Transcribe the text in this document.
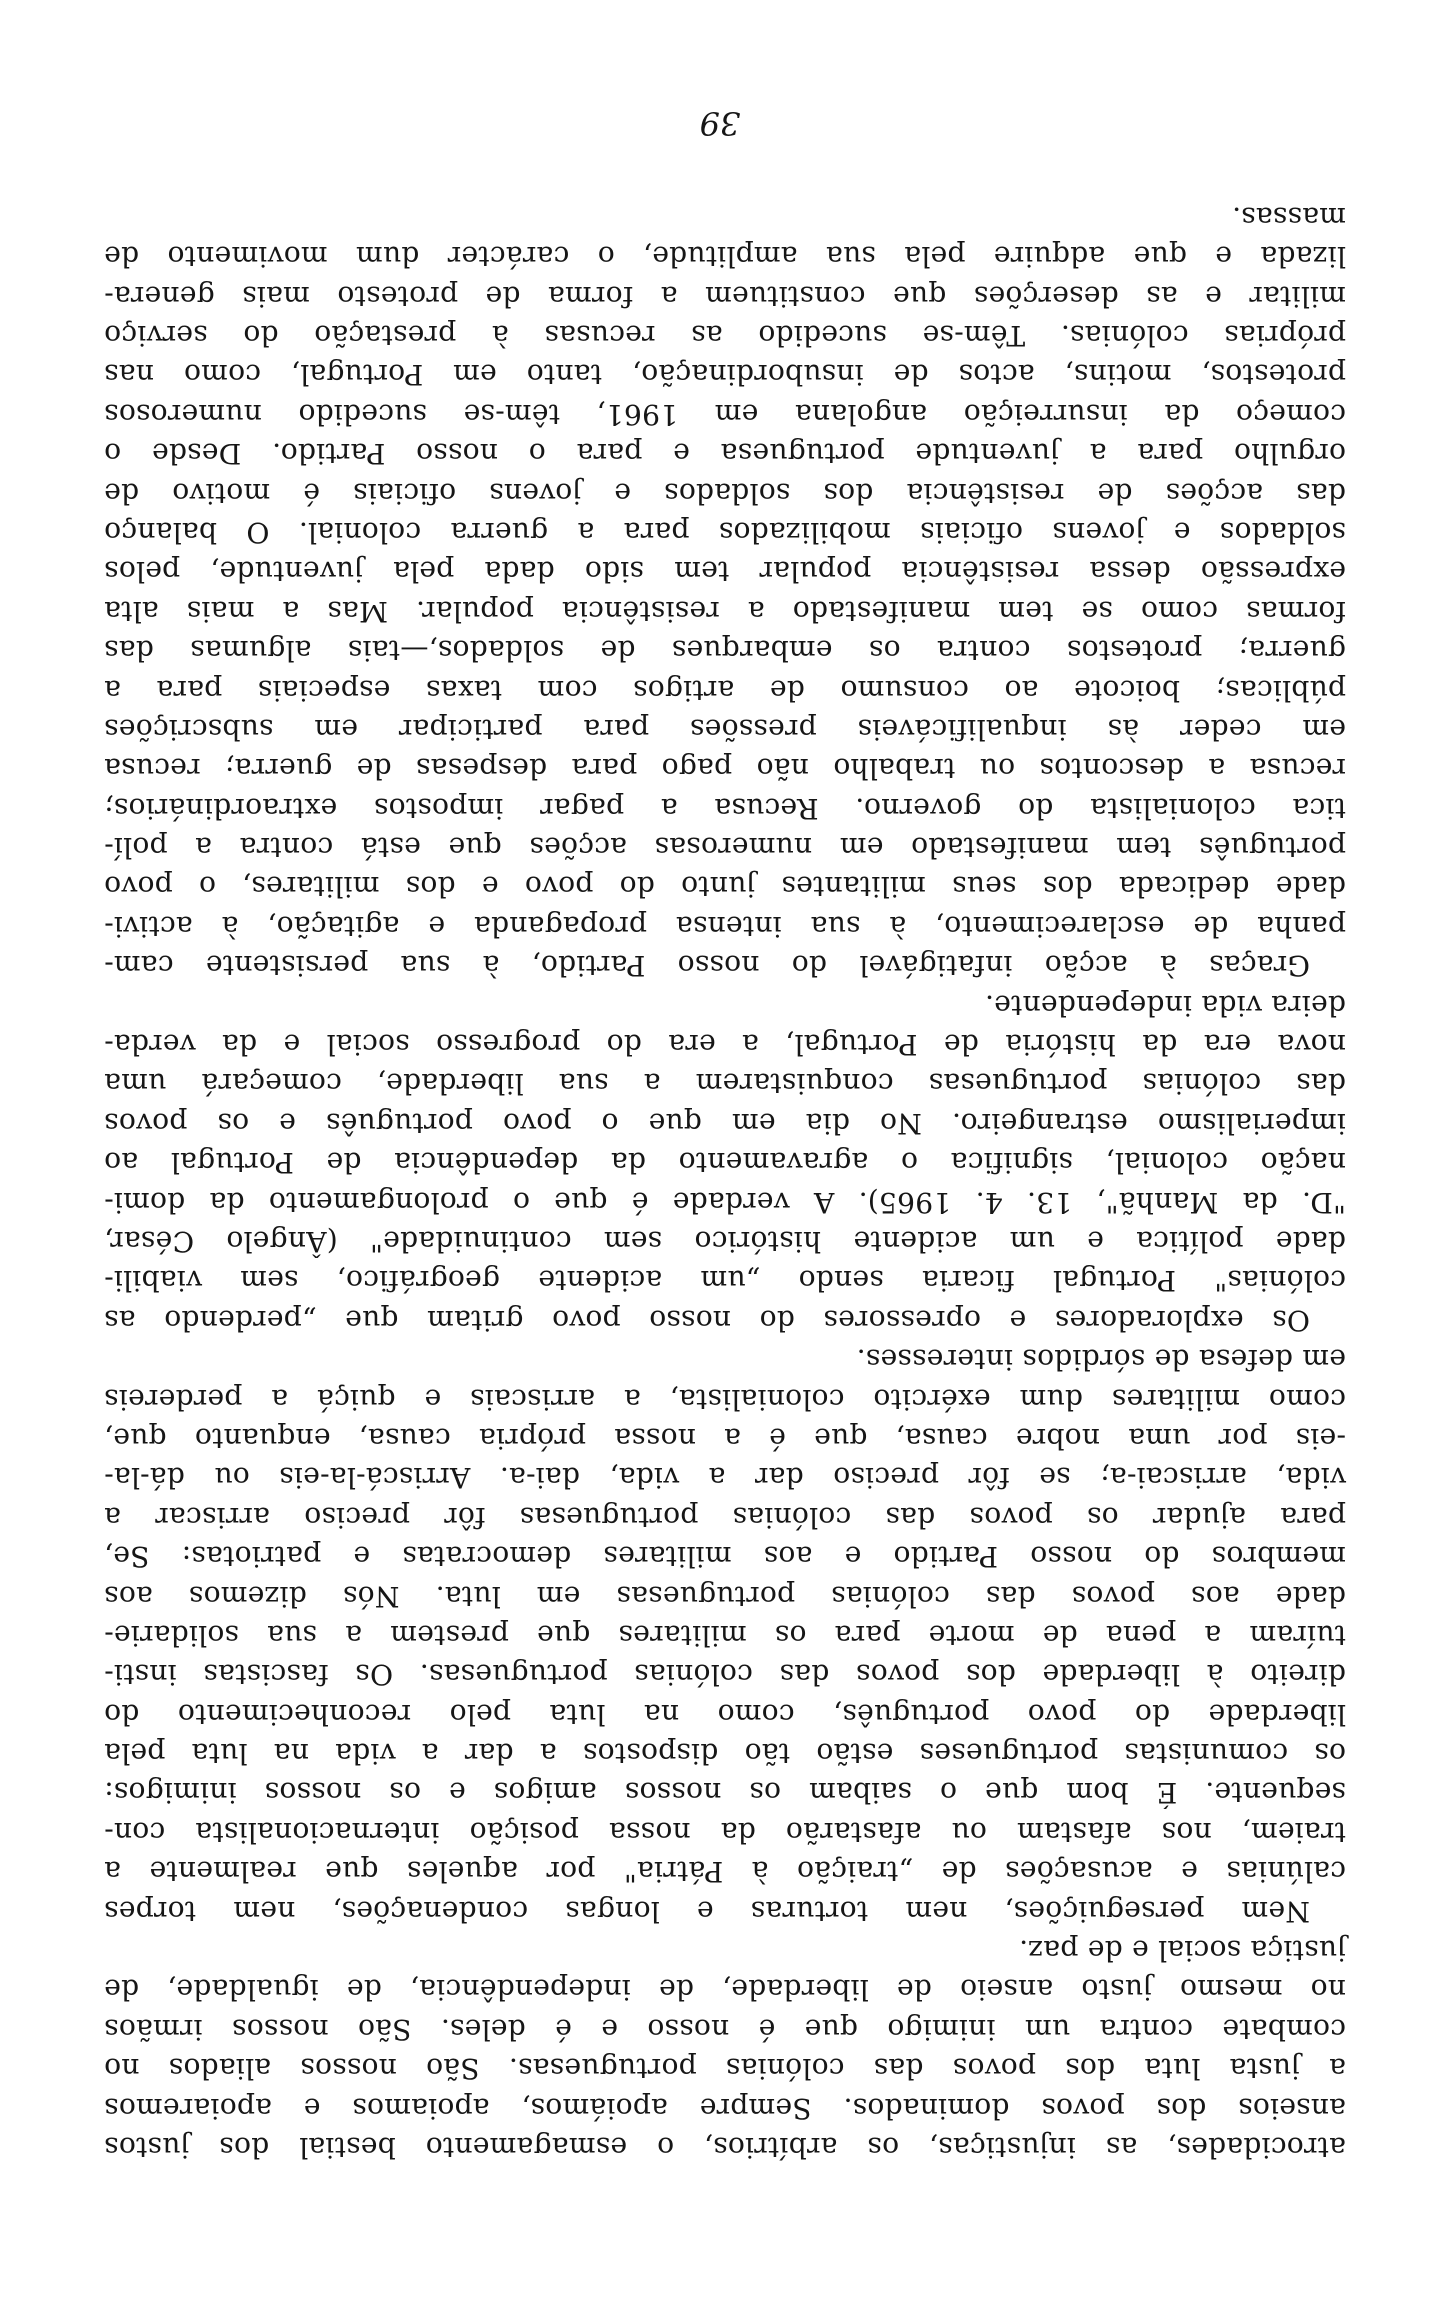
atrocidades, as injustiças, os arbítrios, o esmagamento bestial dos justos
anseios dos povos dominados. Sempre apoiámos, apoiamos e apoiaremos
a justa luta dos povos das colónias portuguesas. São nossos aliados no
combate contra um inimigo que é nosso e é deles. São nossos irmãos
no mesmo justo anseio de liberdade, de independência, de igualdade, de
justiça social e de paz.
Nem perseguições, nem torturas e longas condenações, nem torpes
calúnias e acusações de „traição à Pátria" por aqueles que realmente a
traiem, nos afastam ou afastarão da nossa posição internacionalista con-
sequente. É bom que o saibam os nossos amigos e os nossos inimigos:
os comunistas portugueses estão tão dispostos a dar a vida na luta pela
liberdade do povo português, como na luta pelo reconhecimento do
direito à liberdade dos povos das colónias portuguesas. Os fascistas insti-
tuíram a pena de morte para os militares que prestem a sua solidarie-
dade aos povos das colónias portuguesas em luta. Nós dizemos aos
membros do nosso Partido e aos militares democratas e patriotas: Se,
para ajudar os povos das colónias portuguesas fôr preciso arriscar a
vida, arriscai-a; se fôr preciso dar a vida, dai-a. Arriscá-la-eis ou dá-la-
-eis por uma nobre causa, que é a nossa própria causa, enquanto que,
como militares dum exército colonialista, a arriscais e quiçá a perdereis
em defesa de sórdidos interesses.
Os exploradores e opressores do nosso povo gritam que „perdendo as
colónias" Portugal ficaria sendo „um acidente geográfico, sem viabili-
dade política e um acidente histórico sem continuidade" (Ângelo César,
"D. da Manhã", 13. 4. 1965). A verdade é que o prolongamento da domi-
nação colonial, significa o agravamento da dependência de Portugal ao
imperialismo estrangeiro. No dia em que o povo português e os povos
das colónias portuguesas conquistarem a sua liberdade, começará uma
nova era da história de Portugal, a era do progresso social e da verda-
deira vida independente.
Graças à acção infatigável do nosso Partido, à sua persistente cam-
panha de esclarecimento, à sua intensa propaganda e agitação, à activi-
dade dedicada dos seus militantes junto do povo e dos militares, o povo
português tem manifestado em numerosas acções que está contra a polí-
tica colonialista do governo. Recusa a pagar impostos extraordinários;
recusa a descontos ou trabalho não pago para despesas de guerra; recusa
em ceder às inqualificáveis pressões para participar em subscrições
públicas; boicote ao consumo de artigos com taxas especiais para a
guerra; protestos contra os embarques de soldados,—tais algumas das
formas como se tem manifestado a resistência popular. Mas a mais alta
expressão dessa resistência popular tem sido dada pela juventude, pelos
soldados e jovens oficiais mobilizados para a guerra colonial. O balanço
das acções de resistência dos soldados e jovens oficiais é motivo de
orgulho para a juventude portuguesa e para o nosso Partido. Desde o
começo da insurreição angolana em 1961, têm-se sucedido numerosos
protestos, motins, actos de insubordinação, tanto em Portugal, como nas
próprias colónias. Têm-se sucedido as recusas à prestação do serviço
militar e as deserções que constituem a forma de protesto mais genera-
lizada e que adquire pela sua amplitude, o carácter dum movimento de
massas.
39
